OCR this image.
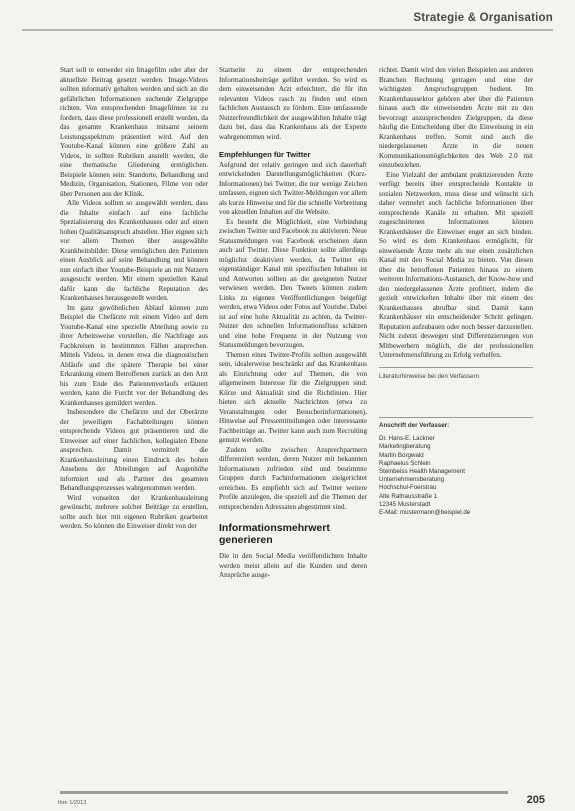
Strategie & Organisation

Start soll te entweder ein Imagefilm oder aber der aktuellste Beitrag gesetzt werden. Image-Videos sollten informativ gehalten werden und sich an die gefährlichen Informationen suchende Zielgruppe richten. Von entsprechenden Imagefilmen ist zu fordern, dass diese professionell erstellt wurden, da das gesamte Krankenhaus mitsamt seinem Leistungsspektrum präsentiert wird. Auf den Youtube-Kanal können eine größere Zahl an Videos, in sollten Rubriken anstellt werden, die eine thematische Gliederung ermöglichen. Beispiele können sein: Standorte, Behandlung und Medizin, Organisation, Stationen, Filme von oder über Personen aus der Klinik.

Alle Videos sollten so ausgewählt werden, dass die Inhalte einfach auf eine fachliche Spezialisierung des Krankenhauses oder auf einen hohen Qualitätsanspruch abstellen. Hier eignen sich vor allem Themen über ausgewählte Krankheitsbilder. Diese ermöglichen den Patienten einen Ausblick auf seine Behandlung und können nun einfach über Youtube-Beispiele an mit Nutzern ausgesucht werden. Mit einem speziellen Kanal dafür kann die fachliche Reputation des Krankenhauses herausgestellt werden.

Im ganz gewöhnlichen Ablauf können zum Beispiel die Chefärzte mit einem Video auf dem Youtube-Kanal eine spezielle Abteilung sowie zu ihrer Arbeitsweise vorstellen, die Nachfrage aus Fachkreisen in bestimmten Fällen ansprechen. Mittels Videos, in denen etwa die diagnostischen Abläufe und die spätere Therapie bei einer Erkrankung einem Betroffenen zurück an den Arzt bis zum Ende des Patientenverlaufs erläutert werden, kann die Furcht vor der Behandlung des Krankenhauses gemildert werden.

Insbesondere die Chefärzte und der Oberärzte der jeweiligen Fachabteilungen können entsprechende Videos gut präsentieren und die Einweiser auf einer fachlichen, kollegialen Ebene ansprechen. Damit vermittelt die Krankenhausleitung einen Eindruck des hohen Ansehens der Abteilungen auf Augenhöhe informiert und als Partner des gesamten Behandlungsprozesses wahrgenommen werden.

Wird vonseiten der Krankenhausleitung gewünscht, mehrere solcher Beiträge zu erstellen, sollte auch hier mit eigenen Rubriken gearbeitet werden. So können die Einweiser direkt von der

Startseite zu einem der entsprechenden Informationsbeiträge geführt werden. So wird es dem einweisenden Arzt erleichtert, die für ihn relevanten Videos rasch zu finden und einen fachlichen Austausch zu fördern. Eine umfassende Nutzerfreundlichkeit der ausgewählten Inhalte trägt dazu bei, dass das Krankenhaus als der Experte wahrgenommen wird.

Empfehlungen für Twitter

Aufgrund der relativ geringen und sich dauerhaft entwickelnden Darstellungsmöglichkeiten (Kurz-Informationen) bei Twitter, die nur wenige Zeichen umfassen, eignen sich Twitter-Meldungen vor allem als kurze Hinweise und für die schnelle Verbreitung von aktuellen Inhalten auf die Website.

Es besteht die Möglichkeit, eine Verbindung zwischen Twitter und Facebook zu aktivieren: Neue Statusmeldungen von Facebook erscheinen dann auch auf Twitter. Diese Funktion sollte allerdings möglichst deaktiviert werden, da Twitter ein eigenständiger Kanal mit spezifischen Inhalten ist und Antworten sollten an die geeigneten Nutzer verwiesen werden. Den Tweets können zudem Links zu eigenen Veröffentlichungen beigefügt werden, etwa Videos oder Fotos auf Youtube. Dabei ist auf eine hohe Aktualität zu achten, da Twitter-Nutzer den schnellen Informationsfluss schätzen und eine hohe Frequenz in der Nutzung von Statusmeldungen bevorzugen.

Themen eines Twitter-Profils sollten ausgewählt sein, idealerweise beschränkt auf das Krankenhaus als Einrichtung oder auf Themen, die von allgemeinem Interesse für die Zielgruppen sind: Kürze und Aktualität sind die Richtlinien. Hier bieten sich aktuelle Nachrichten (etwa zu Veranstaltungen oder Besucherinformationen), Hinweise auf Pressemitteilungen oder interessante Fachbeiträge an. Twitter kann auch zum Recruiting genutzt werden.

Zudem sollte zwischen Ansprechpartnern differenziert werden, deren Nutzer mit bekannten Informationen zufrieden sind und bestimmte Gruppen durch Fachinformationen zielgerichtet erreichen. Es empfiehlt sich auf Twitter weitere Profile anzulegen, die speziell auf die Themen der entsprechenden Adressaten abgestimmt sind.

Informationsmehrwert generieren

Die in den Social Media veröffentlichten Inhalte werden meist allein auf die Kunden und deren Ansprüche ausge-

richtet. Damit wird den vielen Beispielen aus anderen Branchen Rechnung getragen und eine der wichtigsten Anspruchsgruppen bedient. Im Krankenhaussektor gehören aber über die Patienten hinaus auch die einweisenden Ärzte mit zu den bevorzugt anzusprechenden Zielgruppen, da diese häufig die Entscheidung über die Einweisung in ein Krankenhaus treffen. Somit sind auch die niedergelassenen Ärzte in die neuen Kommunikationsmöglichkeiten des Web 2.0 mit einzubeziehen.

Eine Vielzahl der ambulant praktizierenden Ärzte verfügt bereits über entsprechende Kontakte in sozialen Netzwerken, muss diese und wünscht sich daher vermehrt auch fachliche Informationen über entsprechende Kanäle zu erhalten. Mit speziell zugeschnittenen Informationen können Krankenhäuser die Einweiser enger an sich binden. So wird es dem Krankenhaus ermöglicht, für einweisende Ärzte mehr als nur einen zusätzlichen Kanal mit den Social Media zu bieten. Von diesen über die betroffenen Patienten hinaus zu einem weiteren Informations-Austausch, der Know-how und den niedergelassenen Ärzte profitiert, indem die gezielt entwickelten Inhalte über mit einem des Krankenhauses abrufbar sind. Damit kann Krankenhäuser ein entscheidender Schritt gelingen. Reputation aufzubauen oder noch besser darzustellen. Nicht zuletzt deswegen sind Differenzierungen von Mitbewerbern möglich, die der professionellen Unternehmensführung zu Erfolg verhelfen.

Literaturhinweise bei den Verfassern
Anschrift der Verfasser:
Dr. Hans-E. Lackner
Marketingberatung
Martin Borgwald
Raphaelus Schlein
Steinbeiss Health Management
Unternehmensberatung
Hochschul-Foerstrau
Alte Rathausstraße 1
12345 Musterstadt
E-Mail: mustermann@beispiel.de
Ihre 1/2013	205
